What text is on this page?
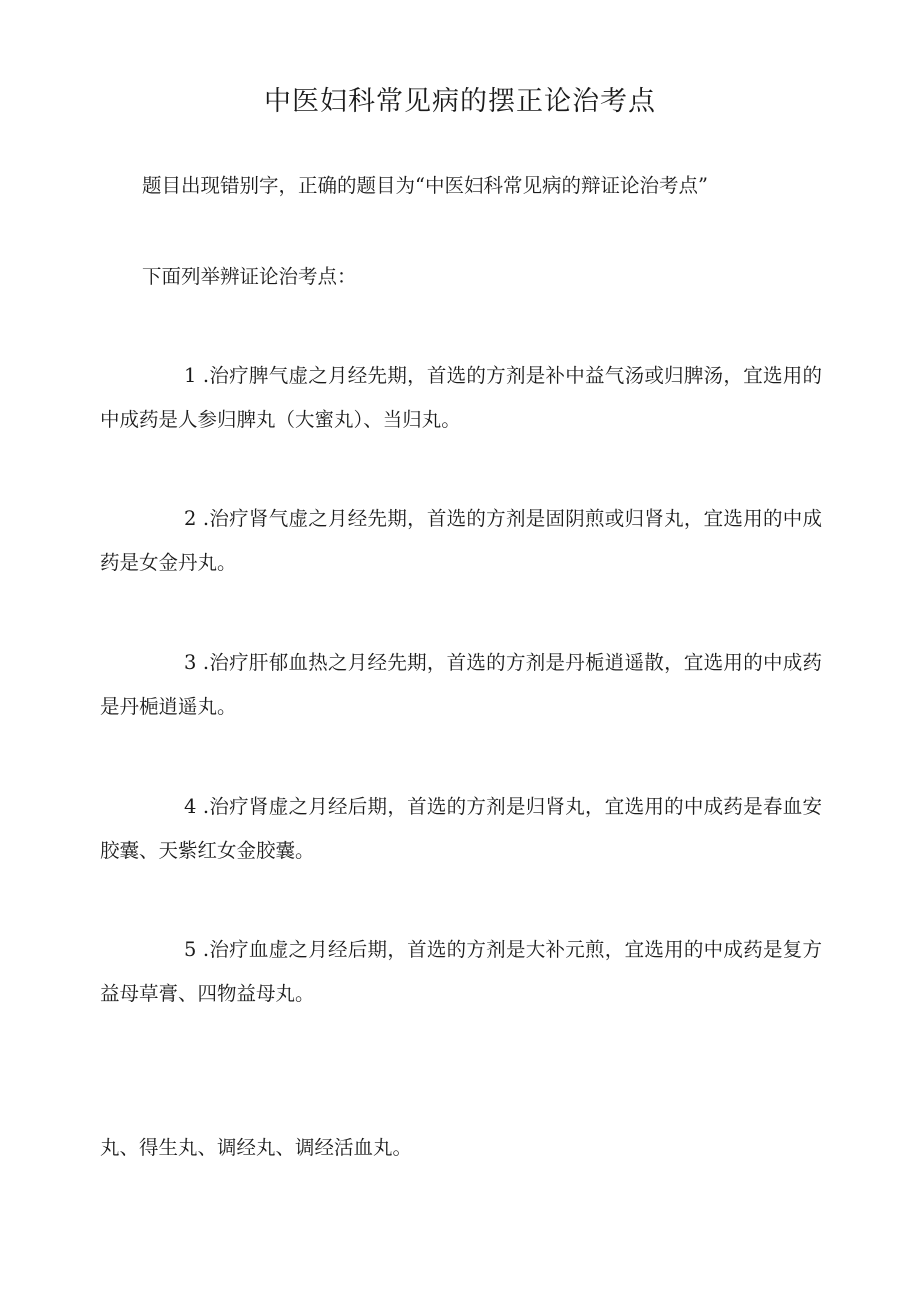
中医妇科常见病的摆正论治考点

题目出现错别字，正确的题目为“中医妇科常见病的辩证论治考点”

下面列举辨证论治考点：

1 .治疗脾气虚之月经先期，首选的方剂是补中益气汤或归脾汤，宜选用的中成药是人参归脾丸（大蜜丸）、当归丸。

2 .治疗肾气虚之月经先期，首选的方剂是固阴煎或归肾丸，宜选用的中成药是女金丹丸。

3 .治疗肝郁血热之月经先期，首选的方剂是丹栀逍遥散，宜选用的中成药是丹梔逍遥丸。

4 .治疗肾虚之月经后期，首选的方剂是归肾丸，宜选用的中成药是春血安胶囊、天紫红女金胶囊。

5 .治疗血虚之月经后期，首选的方剂是大补元煎，宜选用的中成药是复方益母草膏、四物益母丸。

丸、得生丸、调经丸、调经活血丸。
